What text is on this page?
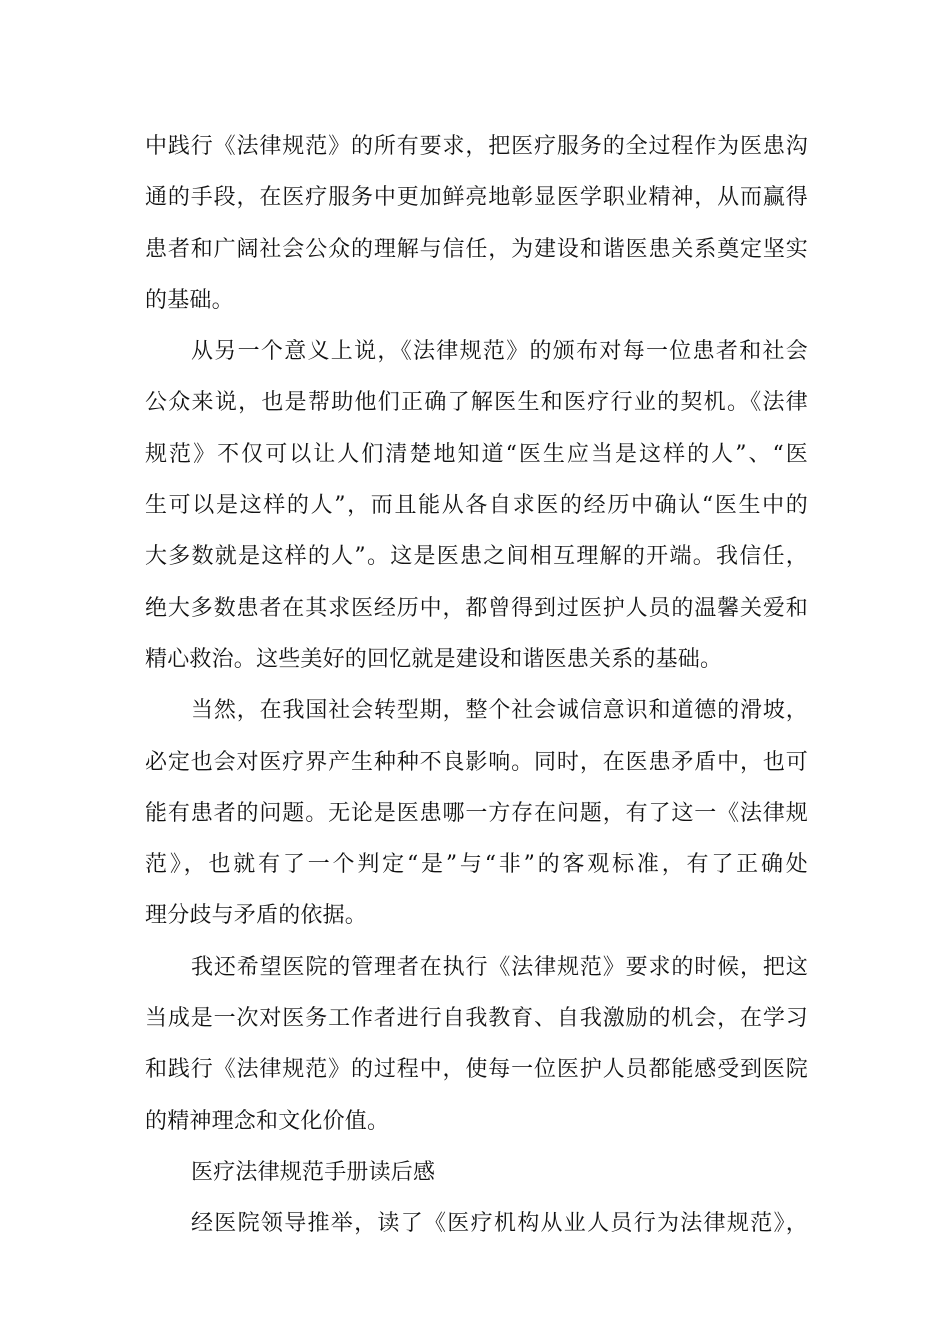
中践行《法律规范》的所有要求，把医疗服务的全过程作为医患沟
通的手段，在医疗服务中更加鲜亮地彰显医学职业精神，从而赢得
患者和广阔社会公众的理解与信任，为建设和谐医患关系奠定坚实
的基础。
从另一个意义上说，《法律规范》的颁布对每一位患者和社会
公众来说，也是帮助他们正确了解医生和医疗行业的契机。《法律
规范》不仅可以让人们清楚地知道“医生应当是这样的人”、“医
生可以是这样的人”，而且能从各自求医的经历中确认“医生中的
大多数就是这样的人”。这是医患之间相互理解的开端。我信任，
绝大多数患者在其求医经历中，都曾得到过医护人员的温馨关爱和
精心救治。这些美好的回忆就是建设和谐医患关系的基础。
当然，在我国社会转型期，整个社会诚信意识和道德的滑坡，
必定也会对医疗界产生种种不良影响。同时，在医患矛盾中，也可
能有患者的问题。无论是医患哪一方存在问题，有了这一《法律规
范》，也就有了一个判定“是”与“非”的客观标准，有了正确处
理分歧与矛盾的依据。
我还希望医院的管理者在执行《法律规范》要求的时候，把这
当成是一次对医务工作者进行自我教育、自我激励的机会，在学习
和践行《法律规范》的过程中，使每一位医护人员都能感受到医院
的精神理念和文化价值。
医疗法律规范手册读后感
经医院领导推举，读了《医疗机构从业人员行为法律规范》，
